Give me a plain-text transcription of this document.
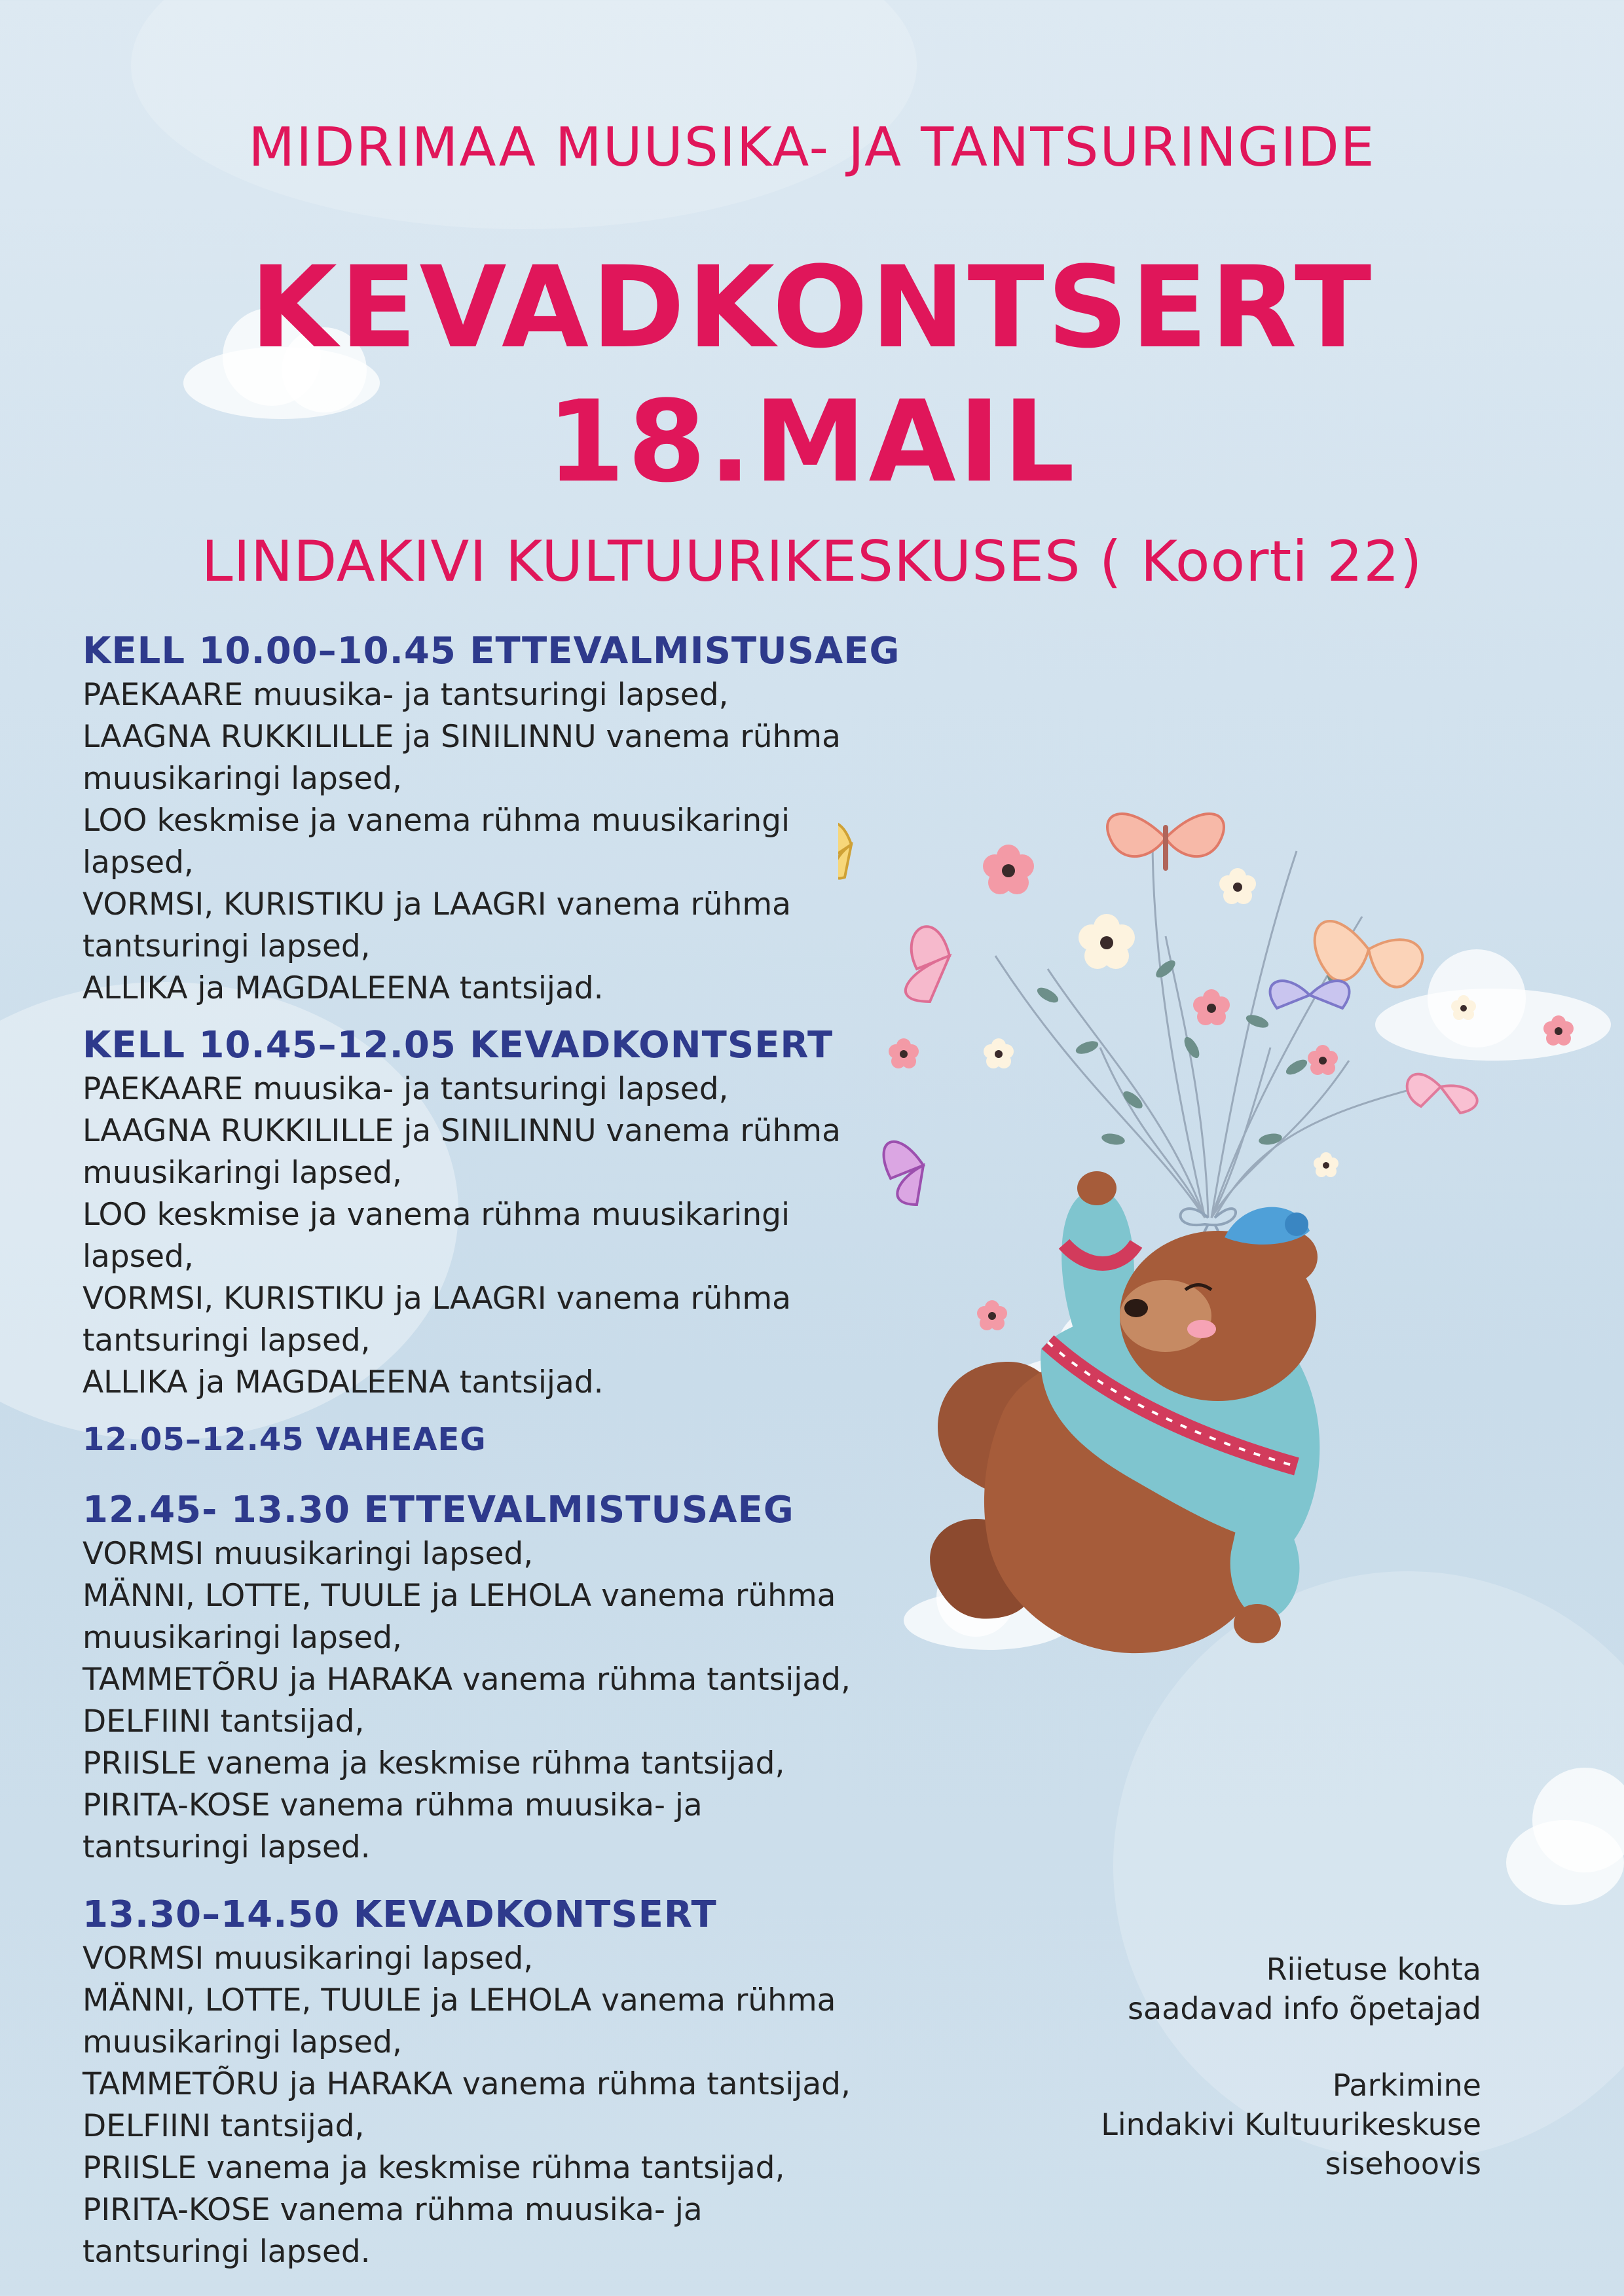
MIDRIMAA MUUSIKA- JA TANTSURINGIDE
KEVADKONTSERT
18.MAIL
LINDAKIVI KULTUURIKESKUSES ( Koorti 22)

KELL 10.00–10.45 ETTEVALMISTUSAEG

PAEKAARE muusika- ja tantsuringi lapsed,
LAAGNA RUKKILILLE ja SINILINNU vanema rühma
muusikaringi lapsed,
LOO keskmise ja vanema rühma muusikaringi
lapsed,
VORMSI, KURISTIKU ja LAAGRI vanema rühma
tantsuringi lapsed,
ALLIKA ja MAGDALEENA tantsijad.

KELL 10.45–12.05 KEVADKONTSERT

PAEKAARE muusika- ja tantsuringi lapsed,
LAAGNA RUKKILILLE ja SINILINNU vanema rühma
muusikaringi lapsed,
LOO keskmise ja vanema rühma muusikaringi
lapsed,
VORMSI, KURISTIKU ja LAAGRI vanema rühma
tantsuringi lapsed,
ALLIKA ja MAGDALEENA tantsijad.

12.05–12.45 VAHEAEG

12.45- 13.30 ETTEVALMISTUSAEG

VORMSI muusikaringi lapsed,
MÄNNI, LOTTE, TUULE ja LEHOLA vanema rühma
muusikaringi lapsed,
TAMMETÕRU ja HARAKA vanema rühma tantsijad,
DELFIINI tantsijad,
PRIISLE vanema ja keskmise rühma tantsijad,
PIRITA-KOSE vanema rühma muusika- ja
tantsuringi lapsed.

13.30–14.50 KEVADKONTSERT

VORMSI muusikaringi lapsed,
MÄNNI, LOTTE, TUULE ja LEHOLA vanema rühma
muusikaringi lapsed,
TAMMETÕRU ja HARAKA vanema rühma tantsijad,
DELFIINI tantsijad,
PRIISLE vanema ja keskmise rühma tantsijad,
PIRITA-KOSE vanema rühma muusika- ja
tantsuringi lapsed.
Riietuse kohta
saadavad info õpetajad
Parkimine
Lindakivi Kultuurikeskuse
sisehoovis
